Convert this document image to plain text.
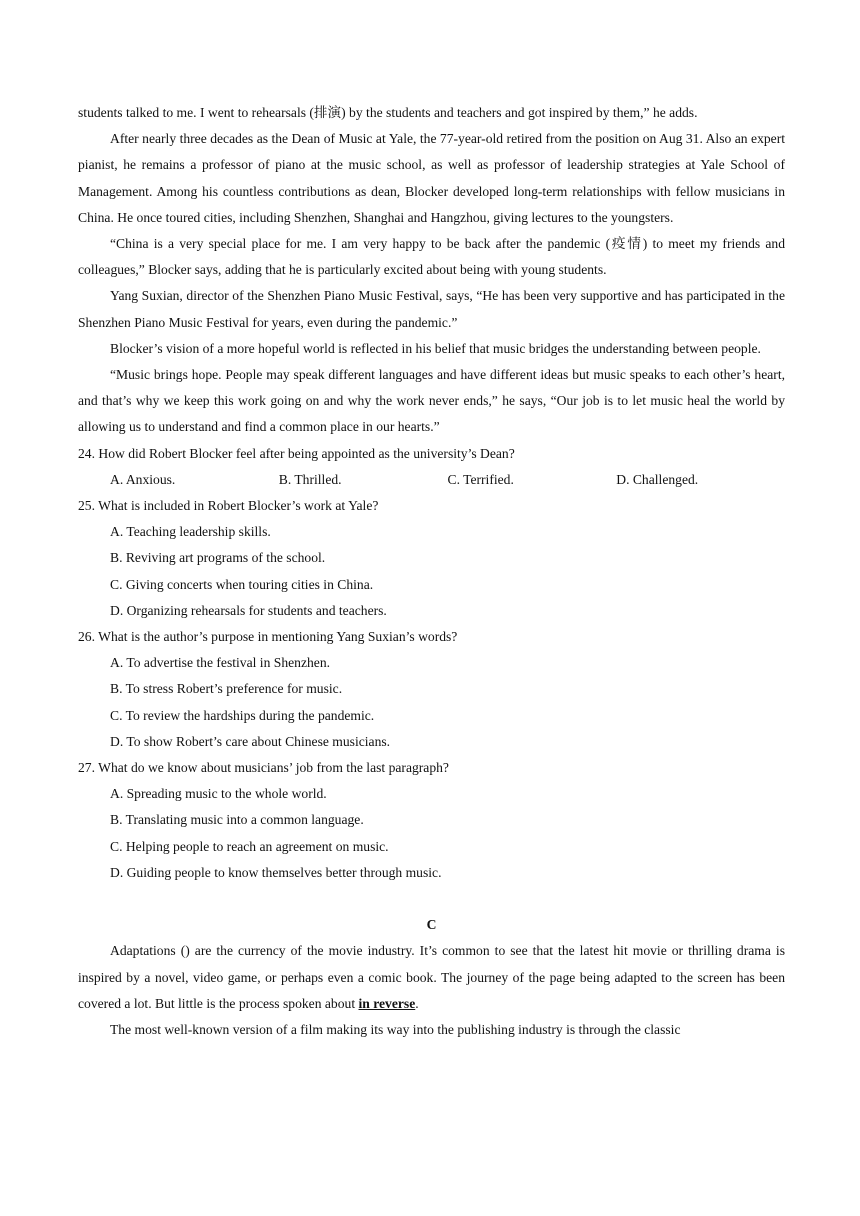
students talked to me. I went to rehearsals (排演) by the students and teachers and got inspired by them,” he adds.

After nearly three decades as the Dean of Music at Yale, the 77-year-old retired from the position on Aug 31. Also an expert pianist, he remains a professor of piano at the music school, as well as professor of leadership strategies at Yale School of Management. Among his countless contributions as dean, Blocker developed long-term relationships with fellow musicians in China. He once toured cities, including Shenzhen, Shanghai and Hangzhou, giving lectures to the youngsters.

“China is a very special place for me. I am very happy to be back after the pandemic (疫情) to meet my friends and colleagues,” Blocker says, adding that he is particularly excited about being with young students.

Yang Suxian, director of the Shenzhen Piano Music Festival, says, “He has been very supportive and has participated in the Shenzhen Piano Music Festival for years, even during the pandemic.”

Blocker’s vision of a more hopeful world is reflected in his belief that music bridges the understanding between people.

“Music brings hope. People may speak different languages and have different ideas but music speaks to each other’s heart, and that’s why we keep this work going on and why the work never ends,” he says, “Our job is to let music heal the world by allowing us to understand and find a common place in our hearts.”

24. How did Robert Blocker feel after being appointed as the university’s Dean?

A. Anxious.	B. Thrilled.	C. Terrified.	D. Challenged.

25. What is included in Robert Blocker’s work at Yale?

A. Teaching leadership skills.

B. Reviving art programs of the school.

C. Giving concerts when touring cities in China.

D. Organizing rehearsals for students and teachers.

26. What is the author’s purpose in mentioning Yang Suxian’s words?

A. To advertise the festival in Shenzhen.

B. To stress Robert’s preference for music.

C. To review the hardships during the pandemic.

D. To show Robert’s care about Chinese musicians.

27. What do we know about musicians’ job from the last paragraph?

A. Spreading music to the whole world.

B. Translating music into a common language.

C. Helping people to reach an agreement on music.

D. Guiding people to know themselves better through music.

C

Adaptations () are the currency of the movie industry. It’s common to see that the latest hit movie or thrilling drama is inspired by a novel, video game, or perhaps even a comic book. The journey of the page being adapted to the screen has been covered a lot. But little is the process spoken about in reverse.

The most well-known version of a film making its way into the publishing industry is through the classic
